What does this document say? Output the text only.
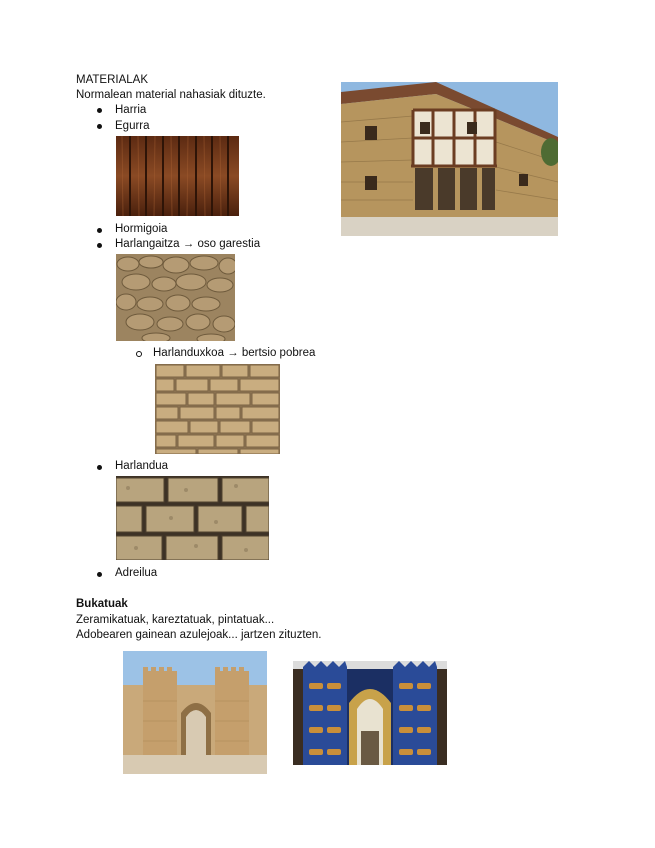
MATERIALAK
Normalean material nahasiak dituzte.
Harria
Egurra
Hormigoia
Harlangaitza → oso garestia
Harlanduxkoa → bertsio pobrea
Harlandua
Adreilua
Bukatuak
Zeramikatuak, kareztatuak, pintatuak...
Adobearen gainean azulejoak... jartzen zituzten.
